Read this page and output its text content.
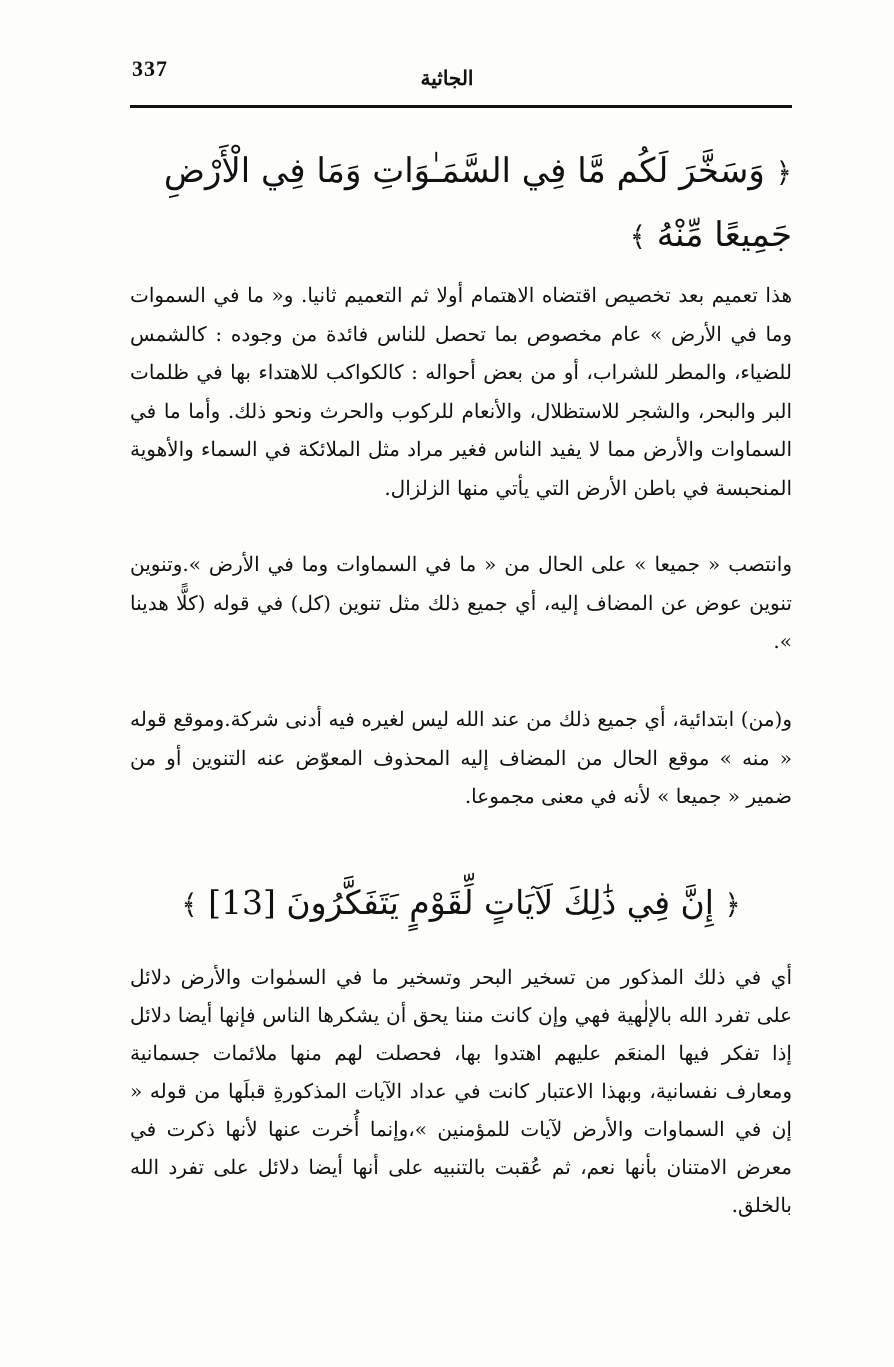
337	الجاثية
﴿ وَسَخَّرَ لَكُم مَّا فِي السَّمَـٰوَاتِ وَمَا فِي الْأَرْضِ جَمِيعًا مِّنْهُ ﴾

هذا تعميم بعد تخصيص اقتضاه الاهتمام أولا ثم التعميم ثانيا. و« ما في السموات وما في الأرض » عام مخصوص بما تحصل للناس فائدة من وجوده : كالشمس للضياء، والمطر للشراب، أو من بعض أحواله : كالكواكب للاهتداء بها في ظلمات البر والبحر، والشجر للاستظلال، والأنعام للركوب والحرث ونحو ذلك. وأما ما في السماوات والأرض مما لا يفيد الناس فغير مراد مثل الملائكة في السماء والأهوية المنحبسة في باطن الأرض التي يأتي منها الزلزال.

وانتصب « جميعا » على الحال من « ما في السماوات وما في الأرض ».وتنوين تنوين عوض عن المضاف إليه، أي جميع ذلك مثل تنوين (كل) في قوله (كلًّا هدينا ».

و(من) ابتدائية، أي جميع ذلك من عند الله ليس لغيره فيه أدنى شركة.وموقع قوله « منه » موقع الحال من المضاف إليه المحذوف المعوّض عنه التنوين أو من ضمير « جميعا » لأنه في معنى مجموعا.

﴿ إِنَّ فِي ذَٰلِكَ لَآيَاتٍ لِّقَوْمٍ يَتَفَكَّرُونَ [13] ﴾

أي في ذلك المذكور من تسخير البحر وتسخير ما في السمٰوات والأرض دلائل على تفرد الله بالإلٰهية فهي وإن كانت مننا يحق أن يشكرها الناس فإنها أيضا دلائل إذا تفكر فيها المنعَم عليهم اهتدوا بها، فحصلت لهم منها ملائمات جسمانية ومعارف نفسانية، وبهذا الاعتبار كانت في عداد الآيات المذكورةِ قبلَها من قوله « إن في السماوات والأرض لآيات للمؤمنين »،وإنما أُخرت عنها لأنها ذكرت في معرض الامتنان بأنها نعم، ثم عُقبت بالتنبيه على أنها أيضا دلائل على تفرد الله بالخلق.
